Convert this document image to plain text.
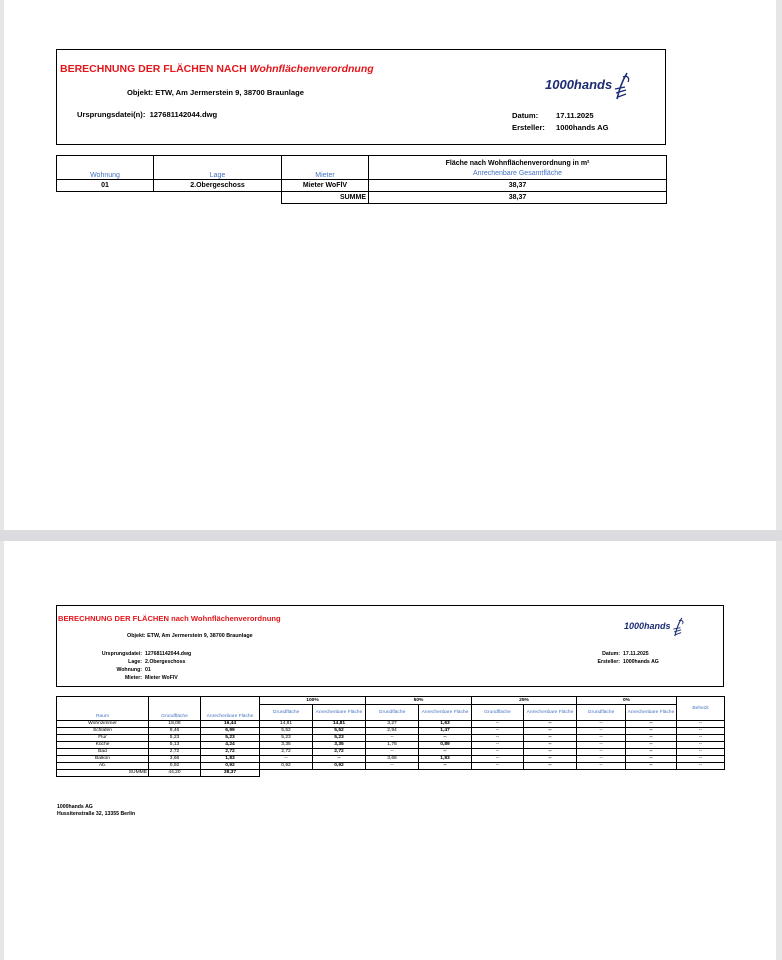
BERECHNUNG DER FLÄCHEN NACH Wohnflächenverordnung
Objekt: ETW, Am Jermerstein 9, 38700 Braunlage
Ursprungsdatei(n): 127681142044.dwg	Datum: 17.11.2025
Ersteller: 1000hands AG
1000hands
Wohnung	Lage	Mieter	Fläche nach Wohnflächenverordnung in m²
			Anrechenbare Gesamtfläche
01	2.Obergeschoss	Mieter WoFlV	38,37
		SUMME	38,37
BERECHNUNG DER FLÄCHEN nach Wohnflächenverordnung
Objekt: ETW, Am Jermerstein 9, 38700 Braunlage
Ursprungsdatei: 127681142044.dwg
Lage: 2.Obergeschoss
Wohnung: 01
Mieter: Mieter WoFlV
Datum: 17.11.2025
Ersteller: 1000hands AG
1000hands
Raum	Grundfläche	Anrechenbare Fläche	100%		50%		25%		0%		Beheizt
			Grundfläche	Anrechenbare Fläche	Grundfläche	Anrechenbare Fläche	Grundfläche	Anrechenbare Fläche	Grundfläche	Anrechenbare Fläche	

Wohnzimmer	18,08	16,44	14,81	14,81	3,27	1,63	--	--	--	--	--
Schlafen	8,46	6,99	5,52	5,52	2,94	1,47	--	--	--	--	--
Flur	5,23	5,23	5,23	5,23	--	--	--	--	--	--	--
Küche	5,13	4,24	3,35	3,35	1,78	0,89	--	--	--	--	--
Bad	2,72	2,72	2,72	2,72	--	--	--	--	--	--	--
Balkon	3,66	1,83	--	--	3,66	1,83	--	--	--	--	--
Ab.	0,92	0,92	0,92	0,92	--	--	--	--	--	--	--
SUMME	44,20	38,37									
1000hands AG
Hussitenstraße 32, 13355 Berlin
